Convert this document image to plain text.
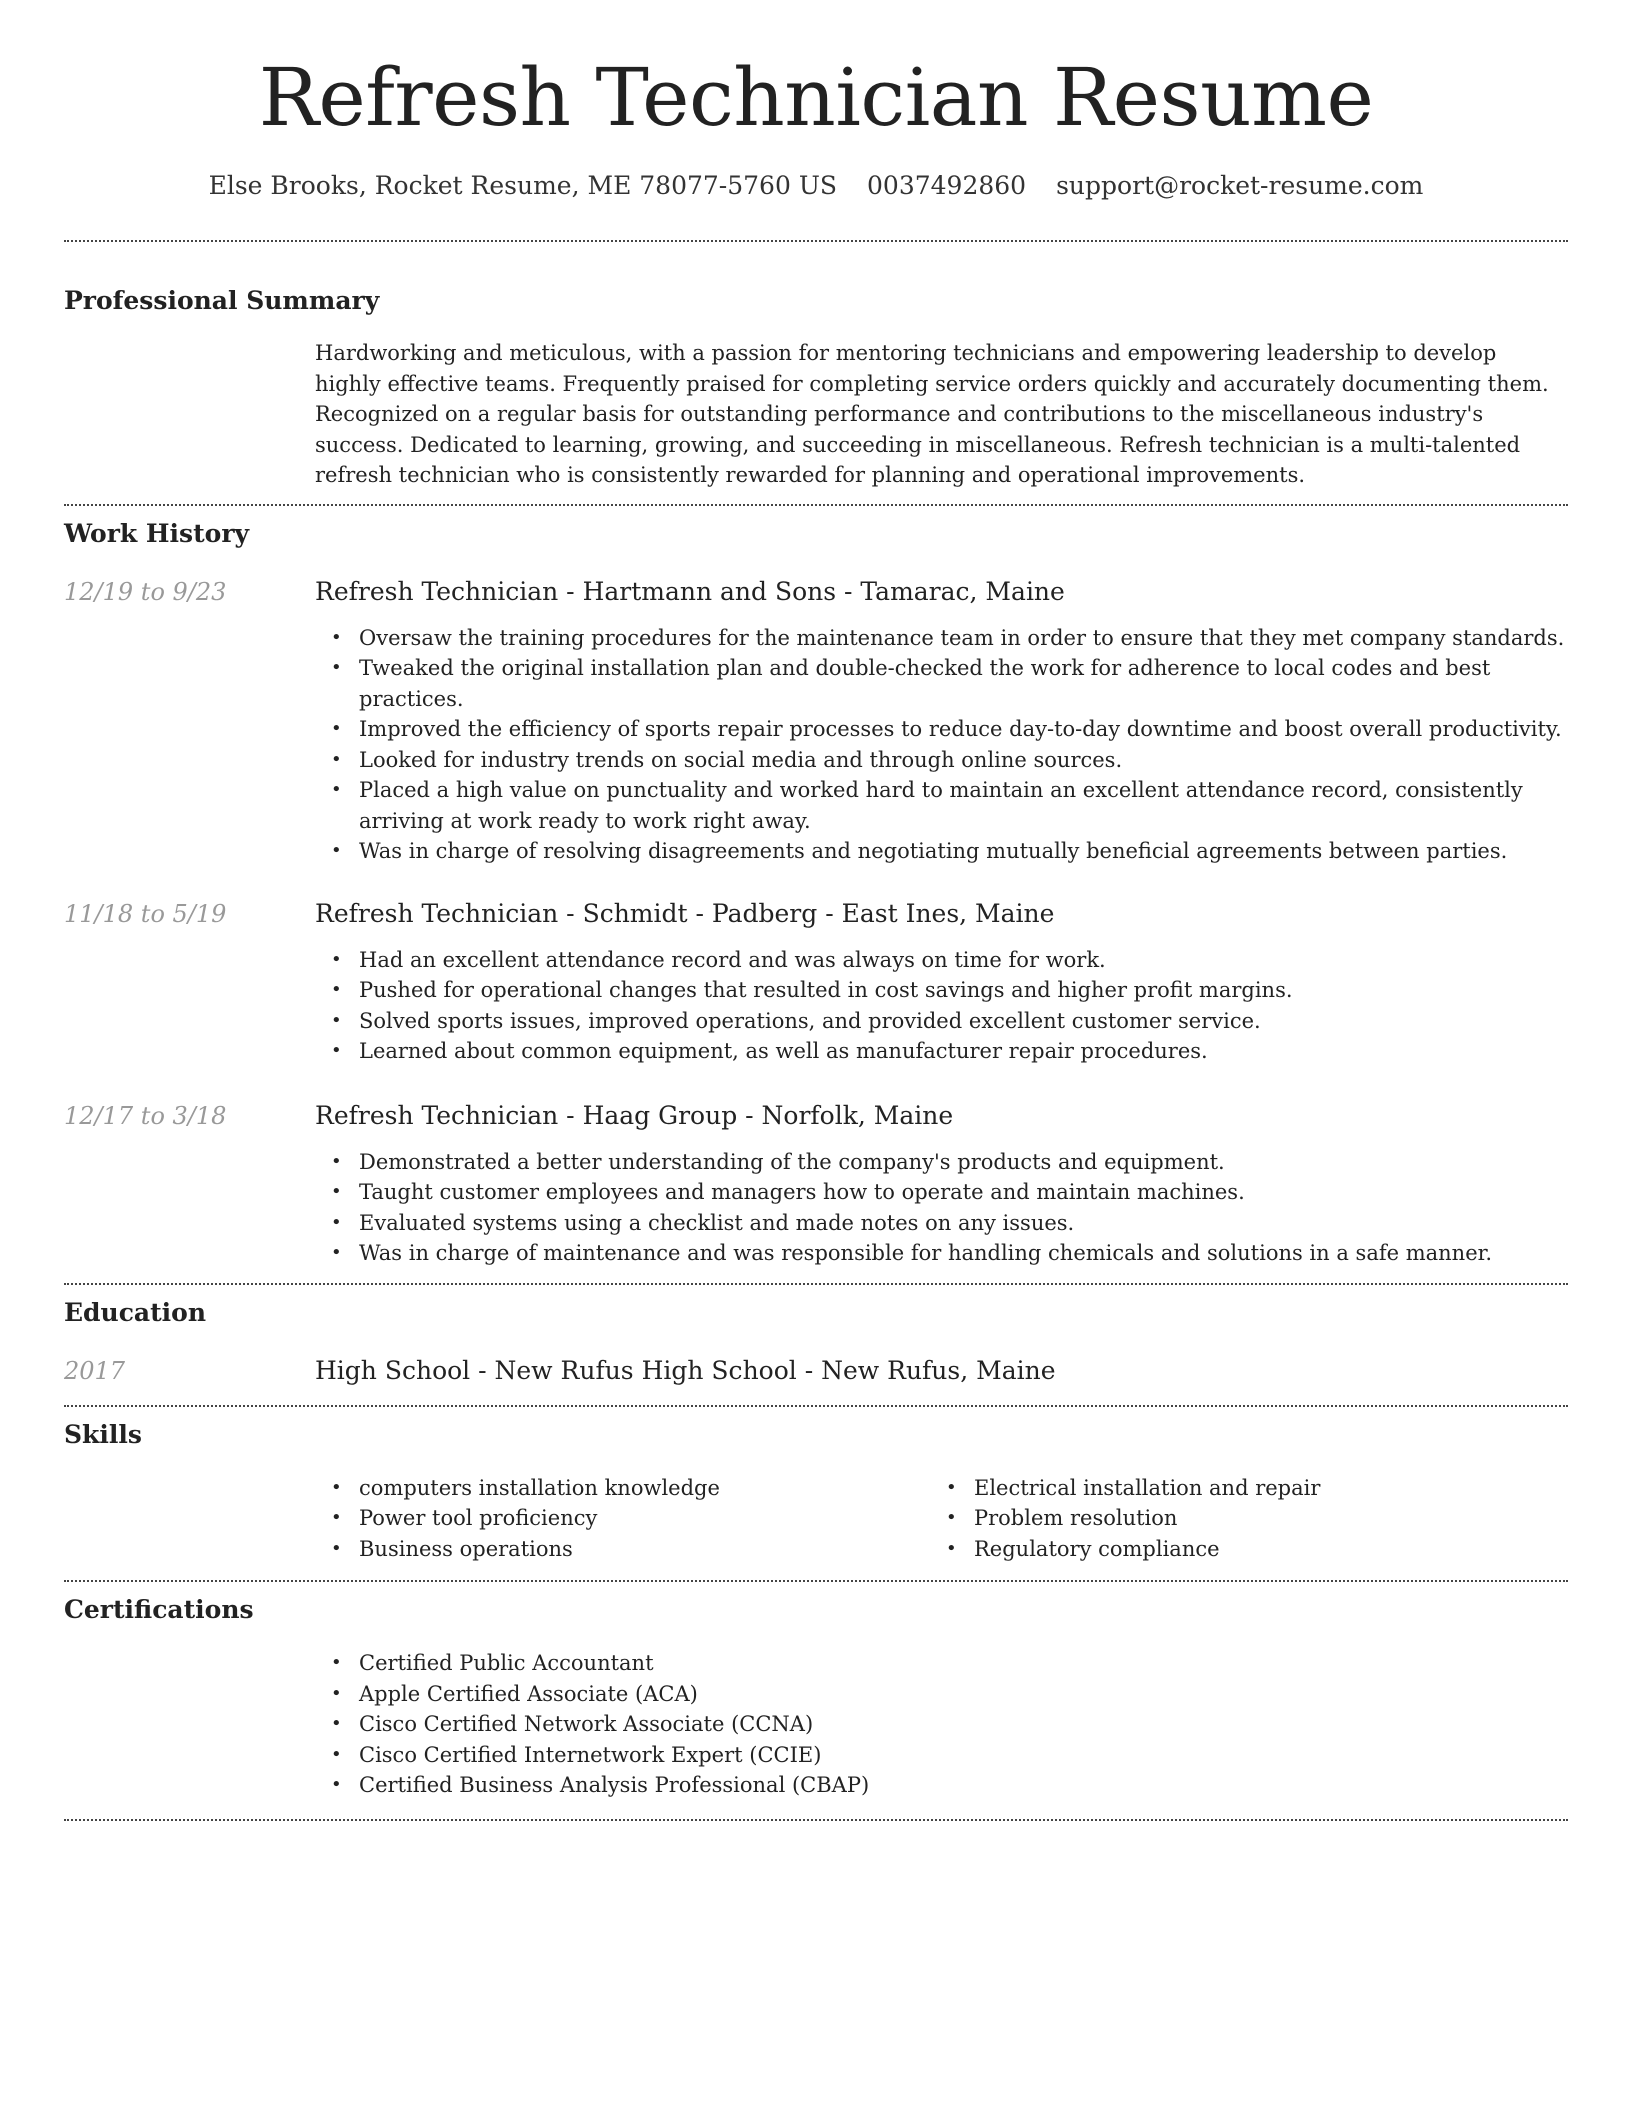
Refresh Technician Resume
Else Brooks, Rocket Resume, ME 78077-5760 US 0037492860 support@rocket-resume.com
Professional Summary

Hardworking and meticulous, with a passion for mentoring technicians and empowering leadership to develop highly effective teams. Frequently praised for completing service orders quickly and accurately documenting them. Recognized on a regular basis for outstanding performance and contributions to the miscellaneous industry's success. Dedicated to learning, growing, and succeeding in miscellaneous. Refresh technician is a multi-talented refresh technician who is consistently rewarded for planning and operational improvements.

Work History
12/19 to 9/23	Refresh Technician - Hartmann and Sons - Tamarac, Maine
• Oversaw the training procedures for the maintenance team in order to ensure that they met company standards.
• Tweaked the original installation plan and double-checked the work for adherence to local codes and best practices.
• Improved the efficiency of sports repair processes to reduce day-to-day downtime and boost overall productivity.
• Looked for industry trends on social media and through online sources.
• Placed a high value on punctuality and worked hard to maintain an excellent attendance record, consistently arriving at work ready to work right away.
• Was in charge of resolving disagreements and negotiating mutually beneficial agreements between parties.
11/18 to 5/19	Refresh Technician - Schmidt - Padberg - East Ines, Maine
• Had an excellent attendance record and was always on time for work.
• Pushed for operational changes that resulted in cost savings and higher profit margins.
• Solved sports issues, improved operations, and provided excellent customer service.
• Learned about common equipment, as well as manufacturer repair procedures.
12/17 to 3/18	Refresh Technician - Haag Group - Norfolk, Maine
• Demonstrated a better understanding of the company's products and equipment.
• Taught customer employees and managers how to operate and maintain machines.
• Evaluated systems using a checklist and made notes on any issues.
• Was in charge of maintenance and was responsible for handling chemicals and solutions in a safe manner.
Education
2017	High School - New Rufus High School - New Rufus, Maine
Skills
• computers installation knowledge
• Power tool proficiency
• Business operations
• Electrical installation and repair
• Problem resolution
• Regulatory compliance
Certifications
• Certified Public Accountant
• Apple Certified Associate (ACA)
• Cisco Certified Network Associate (CCNA)
• Cisco Certified Internetwork Expert (CCIE)
• Certified Business Analysis Professional (CBAP)
